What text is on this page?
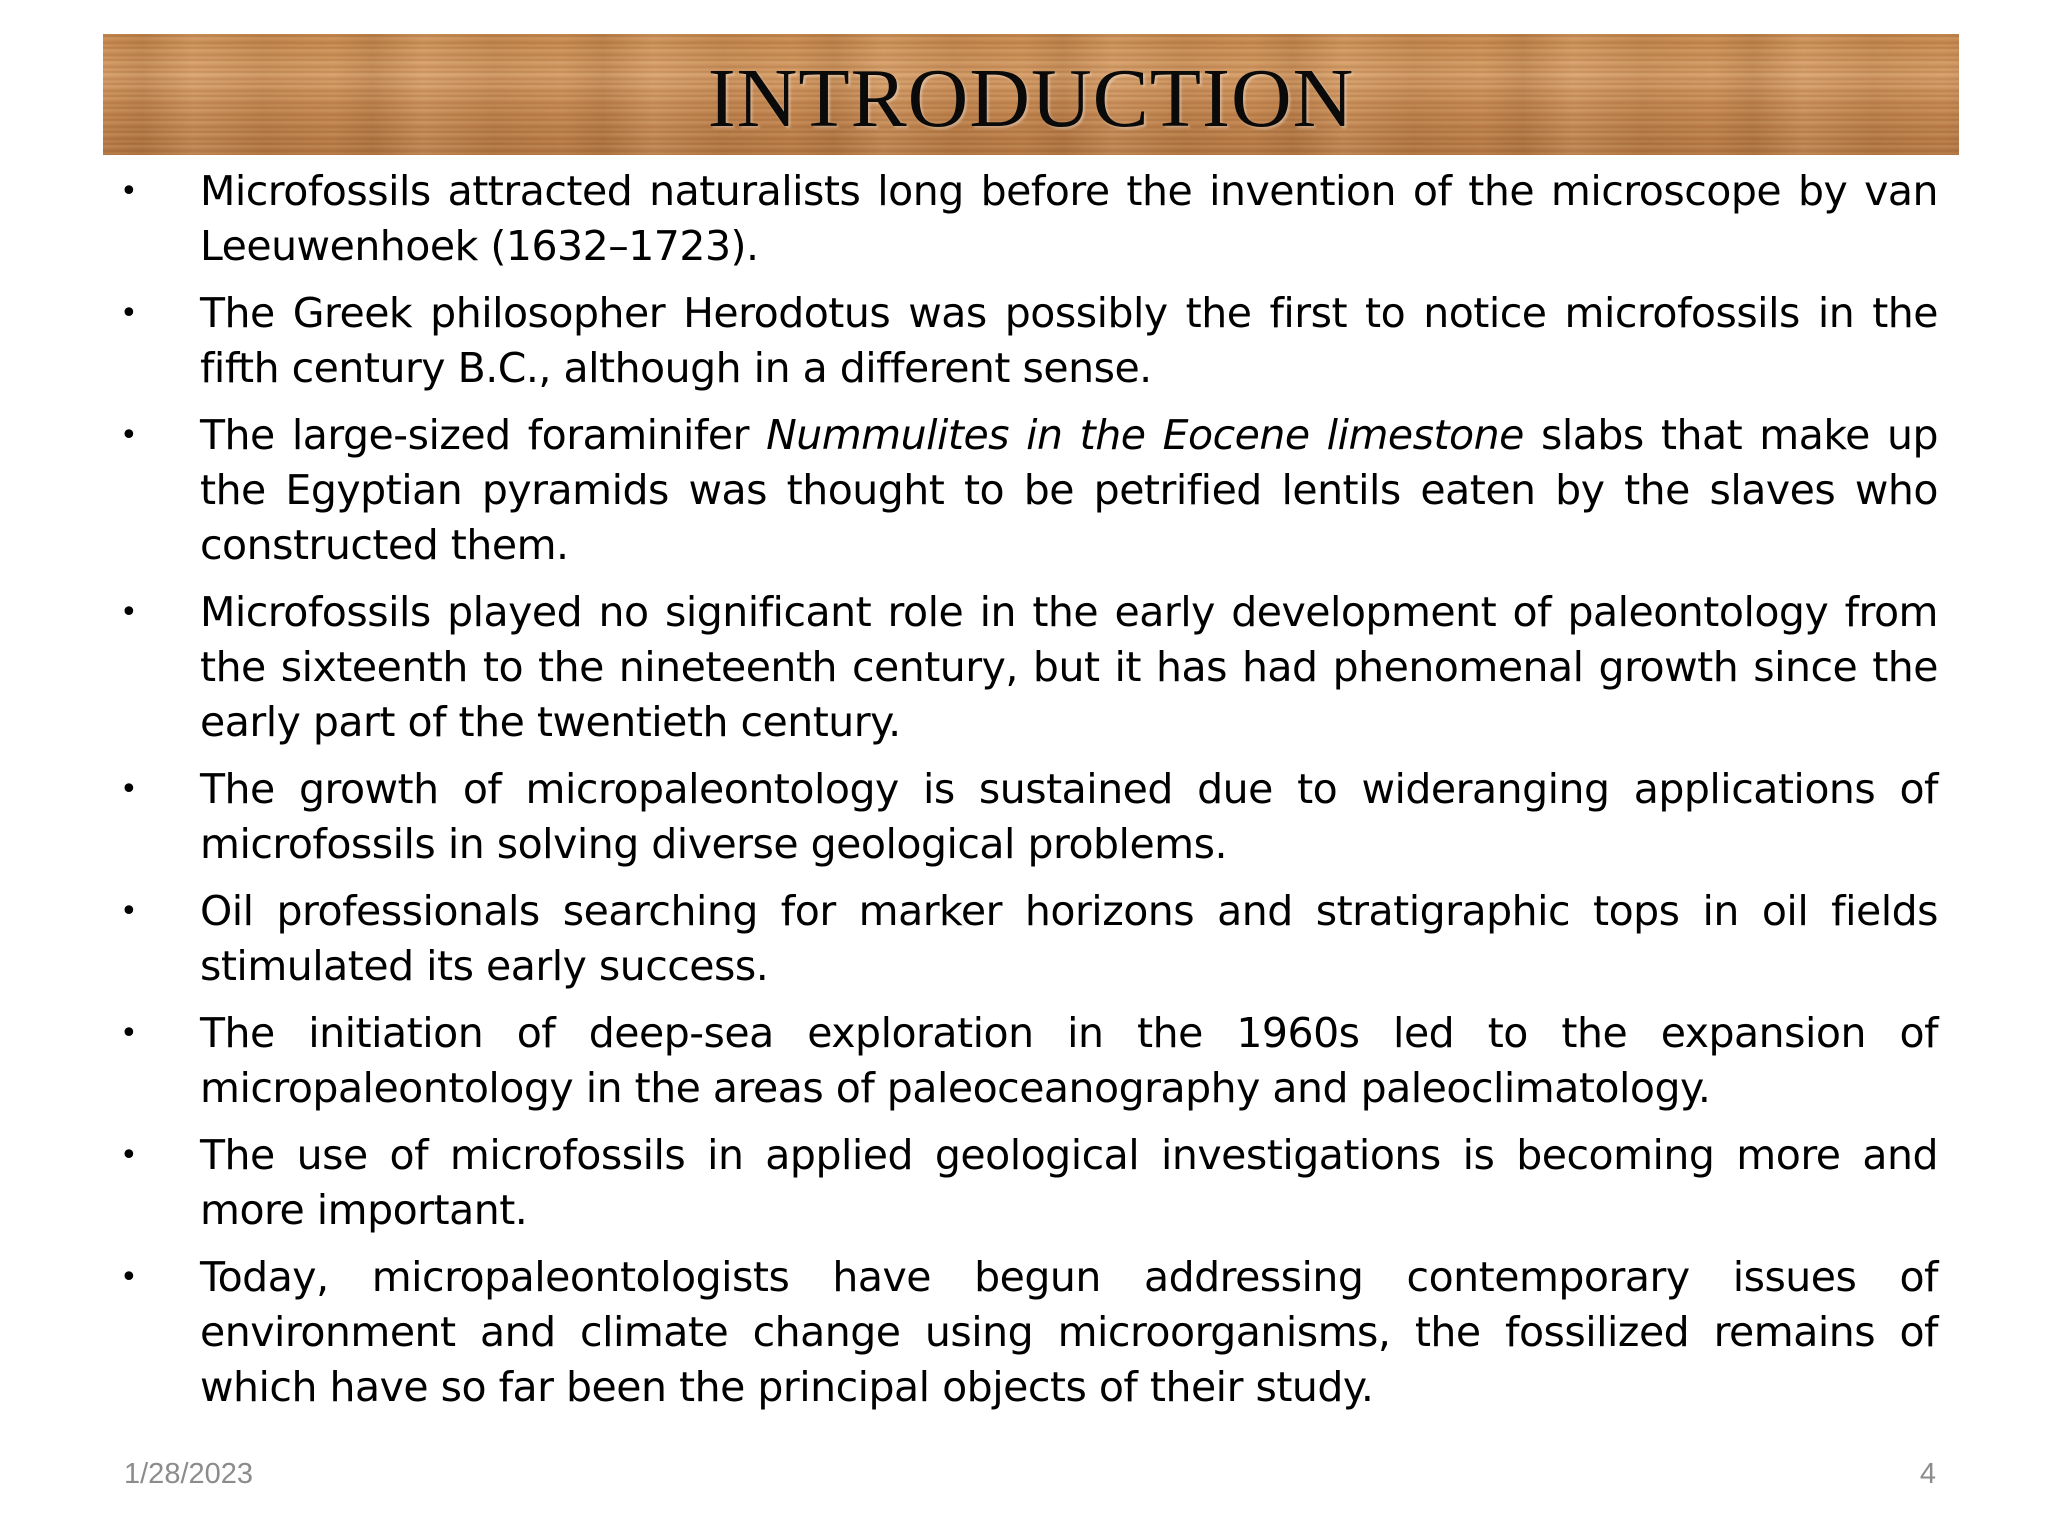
INTRODUCTION
• Microfossils attracted naturalists long before the invention of the microscope by van Leeuwenhoek (1632–1723).
• The Greek philosopher Herodotus was possibly the first to notice microfossils in the fifth century B.C., although in a different sense.
• The large-sized foraminifer Nummulites in the Eocene limestone slabs that make up the Egyptian pyramids was thought to be petrified lentils eaten by the slaves who constructed them.
• Microfossils played no significant role in the early development of paleontology from the sixteenth to the nineteenth century, but it has had phenomenal growth since the early part of the twentieth century.
• The growth of micropaleontology is sustained due to wideranging applications of microfossils in solving diverse geological problems.
• Oil professionals searching for marker horizons and stratigraphic tops in oil fields stimulated its early success.
• The initiation of deep-sea exploration in the 1960s led to the expansion of micropaleontology in the areas of paleoceanography and paleoclimatology.
• The use of microfossils in applied geological investigations is becoming more and more important.
• Today, micropaleontologists have begun addressing contemporary issues of environment and climate change using microorganisms, the fossilized remains of which have so far been the principal objects of their study.
1/28/2023	4
